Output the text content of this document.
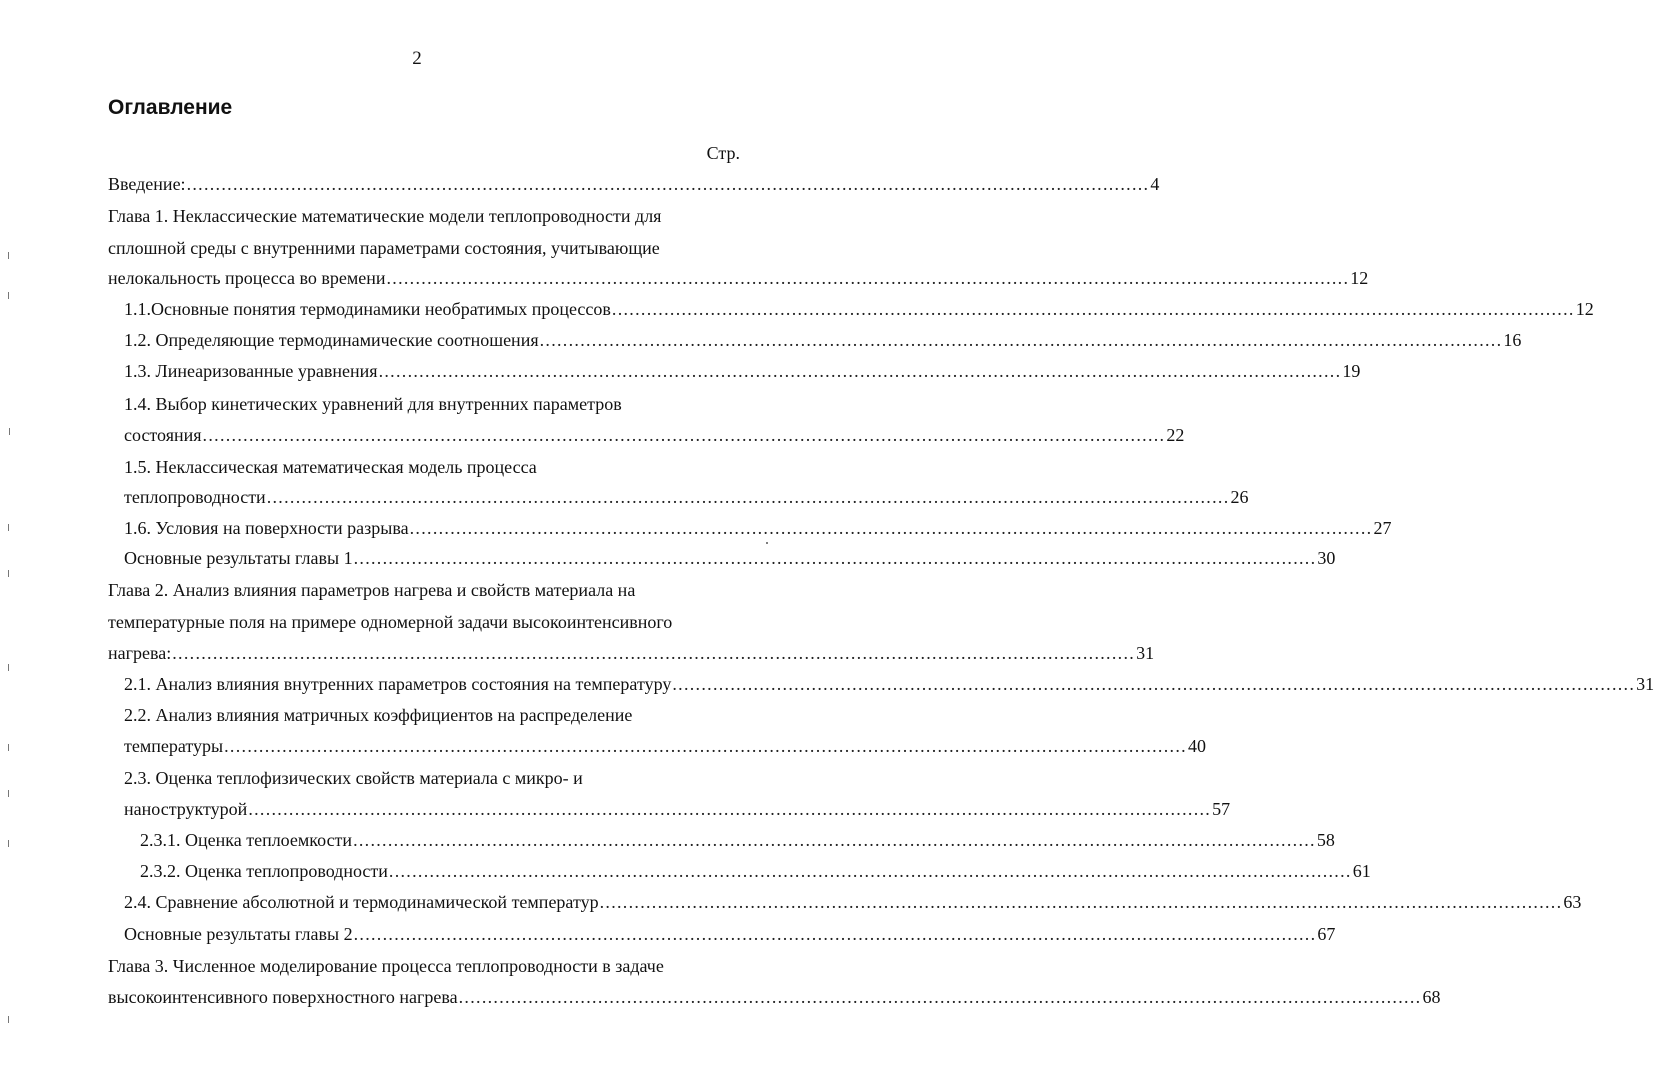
2
Оглавление
Стр.
Введение: ...................................................................................................................................................................... 4
Глава 1. Неклассические математические модели теплопроводности для
сплошной среды с внутренними параметрами состояния, учитывающие
нелокальность процесса во времени ...................................................................................................................................................................... 12
1.1. Основные понятия термодинамики необратимых процессов ...................................................................................................................................................................... 12
1.2. Определяющие термодинамические соотношения ...................................................................................................................................................................... 16
1.3. Линеаризованные уравнения ...................................................................................................................................................................... 19
1.4. Выбор кинетических уравнений для внутренних параметров
состояния ...................................................................................................................................................................... 22
1.5. Неклассическая математическая модель процесса
теплопроводности ...................................................................................................................................................................... 26
1.6. Условия на поверхности разрыва ...................................................................................................................................................................... 27
Основные результаты главы 1 ...................................................................................................................................................................... 30
Глава 2. Анализ влияния параметров нагрева и свойств материала на
температурные поля на примере одномерной задачи высокоинтенсивного
нагрева: ...................................................................................................................................................................... 31
2.1. Анализ влияния внутренних параметров состояния на температуру ...................................................................................................................................................................... 31
2.2. Анализ влияния матричных коэффициентов на распределение
температуры ...................................................................................................................................................................... 40
2.3. Оценка теплофизических свойств материала с микро- и
наноструктурой ...................................................................................................................................................................... 57
2.3.1. Оценка теплоемкости ...................................................................................................................................................................... 58
2.3.2. Оценка теплопроводности ...................................................................................................................................................................... 61
2.4. Сравнение абсолютной и термодинамической температур ...................................................................................................................................................................... 63
Основные результаты главы 2 ...................................................................................................................................................................... 67
Глава 3. Численное моделирование процесса теплопроводности в задаче
высокоинтенсивного поверхностного нагрева ...................................................................................................................................................................... 68
